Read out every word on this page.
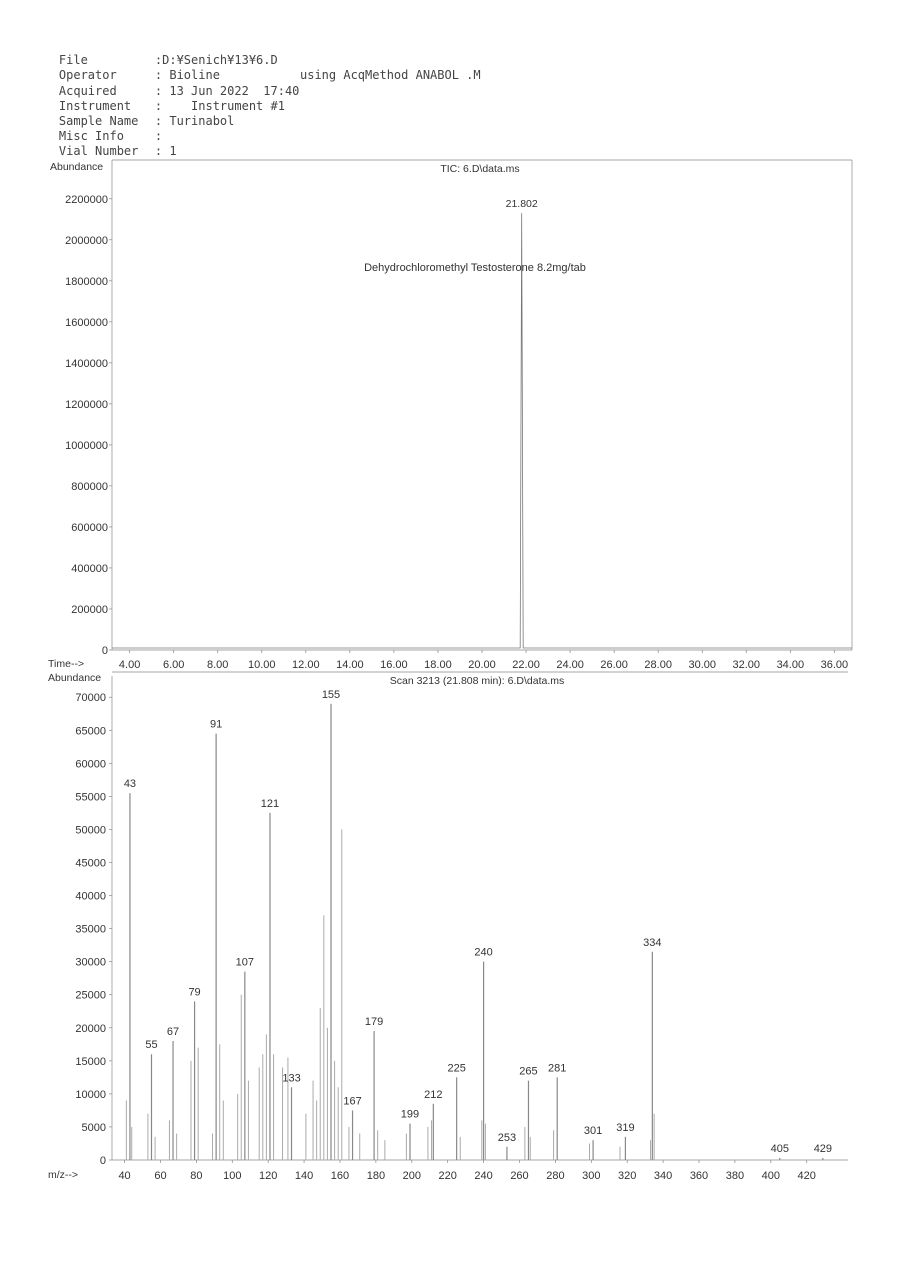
File	:D:¥Senich¥13¥6.D

Operator	: Bioline

Acquired	: 13 Jun 2022  17:40
using AcqMethod ANABOL .M

Instrument :    Instrument #1

Sample Name : Turinabol

Misc Info	:

Vial Number : 1

0
200000
400000
600000
800000
1000000
1200000
1400000
1600000
1800000
2000000
2200000
4.00 6.00 8.00 10.00 12.00 14.00 16.00 18.00 20.00 22.00 24.00 26.00 28.00 30.00 32.00 34.00 36.00
Abundance
Time-->
TIC: 6.D\data.ms
21.802
Dehydrochloromethyl Testosterone 8.2mg/tab
0
5000
10000
15000
20000
25000
30000
35000
40000
45000
50000
55000
60000
65000
70000
40 60 80 100 120 140 160 180 200 220 240 260 280 300 320 340 360 380 400 420
Abundance
m/z-->
Scan 3213 (21.808 min): 6.D\data.ms
43
55
67
79
91
107
121
133
155
167
179
199
212
225
240
253
265 281
301 319
334
405 429
